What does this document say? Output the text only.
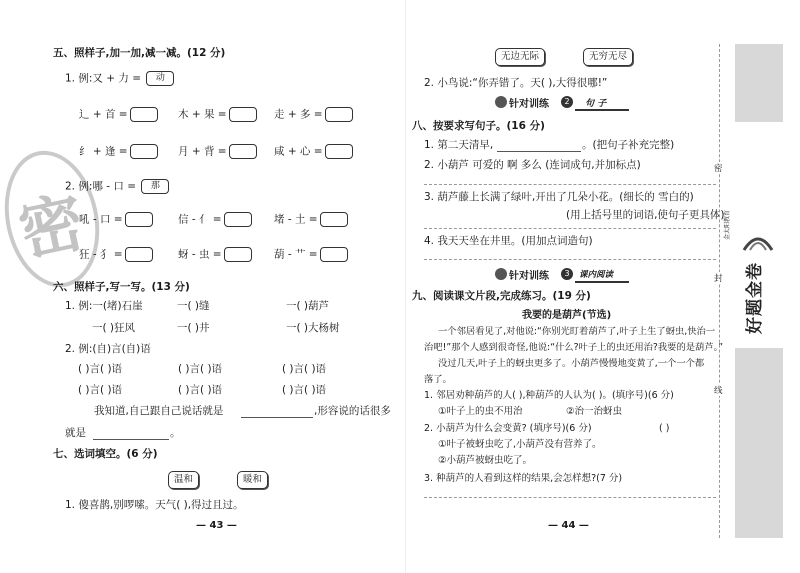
密
五、照样子,加一加,减一减。(12 分)
1. 例:又 + 力 = 动
辶 + 首 =	木 + 果 =	走 + 多 =
纟 + 逢 =	月 + 背 =	咸 + 心 =
2. 例:哪 - 口 = 那
吼 - 口 =	信 - 亻 =	堵 - 土 =
狂 - 犭 =	蚜 - 虫 =	葫 - 艹 =
六、照样子,写一写。(13 分)
1. 例:一(堵)石崖	一( )缝	一( )葫芦
一( )狂风	一( )井	一( )大杨树
2. 例:(自)言(自)语
( )言( )语	( )言( )语	( )言( )语
( )言( )语	( )言( )语	( )言( )语
我知道,自己跟自己说话就是	,形容说的话很多
就是	。
七、选词填空。(6 分)
温和	暖和
1. 傻喜鹊,别啰嗦。天气( ),得过且过。
— 43 —
无边无际	无穷无尽
2. 小鸟说:“你弄错了。天( ),大得很哪!”
针对训练	2	句 子
八、按要求写句子。(16 分)
1. 第二天清早,	。(把句子补充完整)
2. 小葫芦 可爱的 啊 多么 (连词成句,并加标点)
3. 葫芦藤上长满了绿叶,开出了几朵小花。(细长的 雪白的)
(用上括号里的词语,使句子更具体)
4. 我天天坐在井里。(用加点词造句)
针对训练	3	课内阅读
九、阅读课文片段,完成练习。(19 分)
我要的是葫芦(节选)
一个邻居看见了,对他说:“你别光盯着葫芦了,叶子上生了蚜虫,快治一
治吧!”那个人感到很奇怪,他说:“什么?叶子上的虫还用治?我要的是葫芦。”
没过几天,叶子上的蚜虫更多了。小葫芦慢慢地变黄了,一个一个都
落了。
1. 邻居劝种葫芦的人( ),种葫芦的人认为( )。(填序号)(6 分)
①叶子上的虫不用治	②治一治蚜虫
2. 小葫芦为什么会变黄? (填序号)(6 分)	( )
①叶子被蚜虫吃了,小葫芦没有营养了。
②小葫芦被蚜虫吃了。
3. 种葫芦的人看到这样的结果,会怎样想?(7 分)
— 44 —
密
封
线
金太阳教育
好题金卷
